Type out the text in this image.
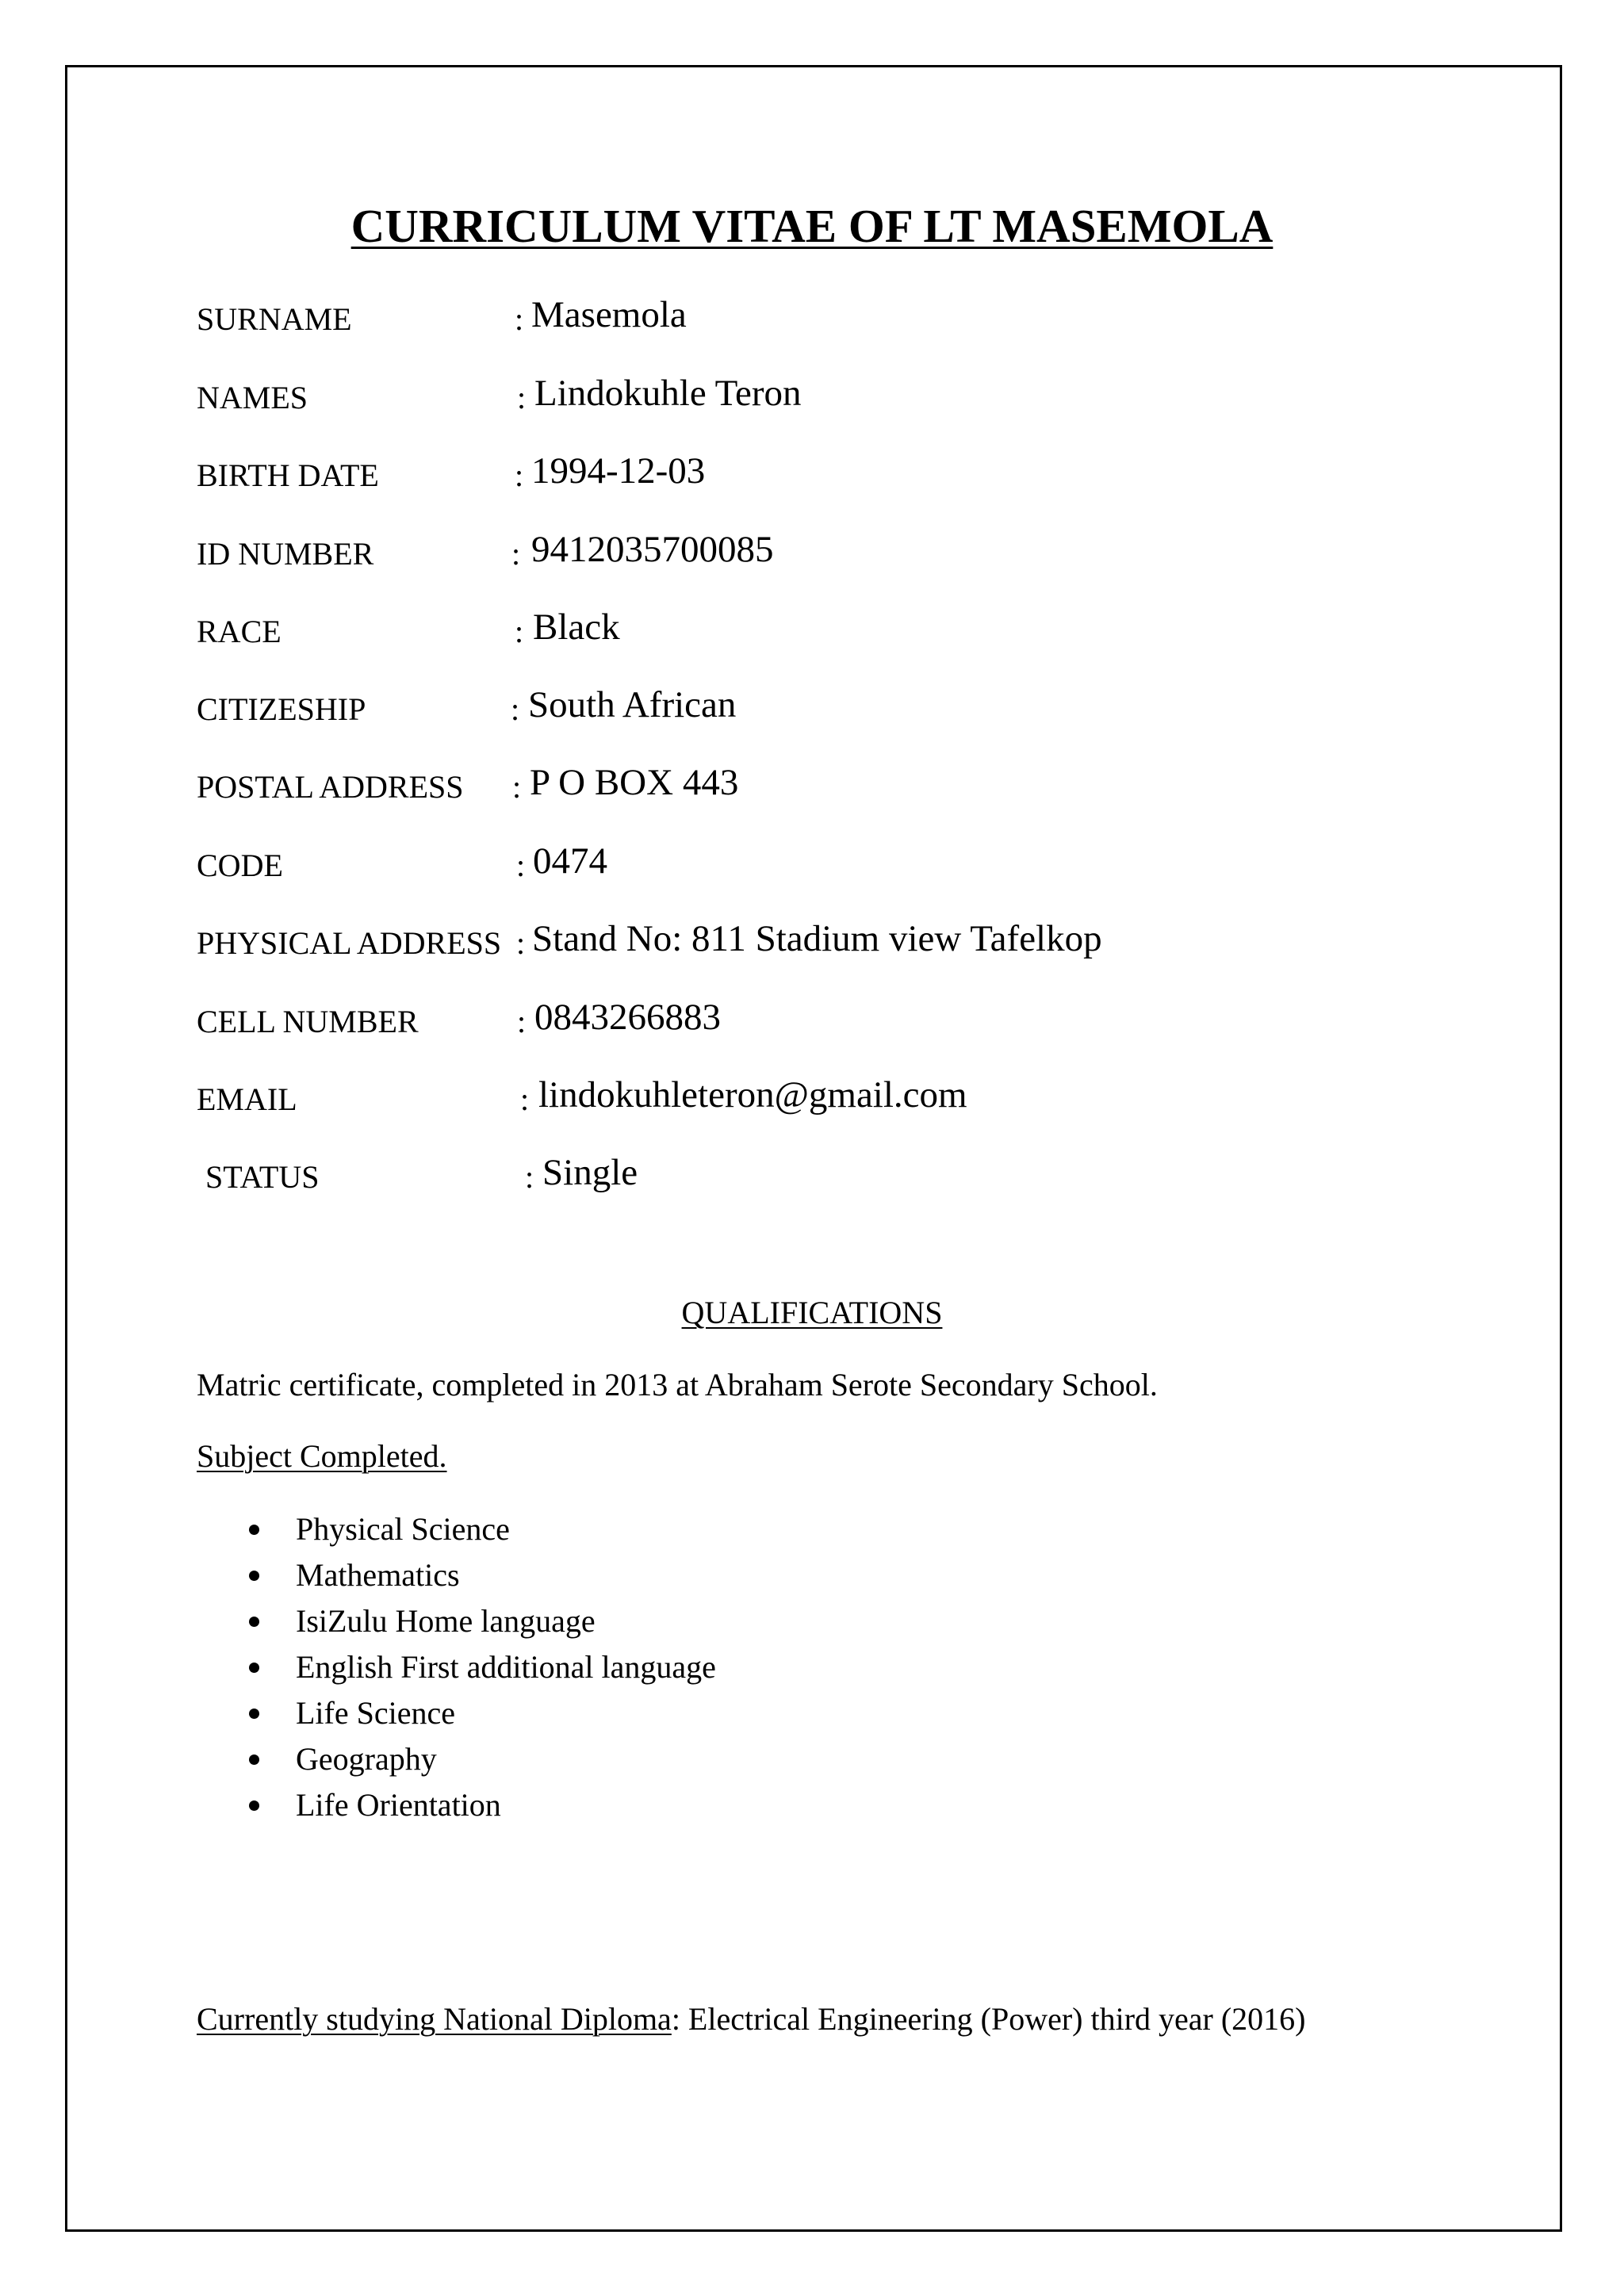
CURRICULUM VITAE OF LT MASEMOLA
SURNAME	: Masemola
NAMES	: Lindokuhle Teron
BIRTH DATE	: 1994-12-03
ID NUMBER	: 9412035700085
RACE	: Black
CITIZESHIP	: South African
POSTAL ADDRESS : P O BOX 443
CODE	: 0474
PHYSICAL ADDRESS : Stand No: 811 Stadium view Tafelkop
CELL NUMBER	: 0843266883
EMAIL	: lindokuhleteron@gmail.com
STATUS	: Single
QUALIFICATIONS
Matric certificate, completed in 2013 at Abraham Serote Secondary School.
Subject Completed.
Physical Science
Mathematics
IsiZulu Home language
English First additional language
Life Science
Geography
Life Orientation
Currently studying National Diploma: Electrical Engineering (Power) third year (2016)
